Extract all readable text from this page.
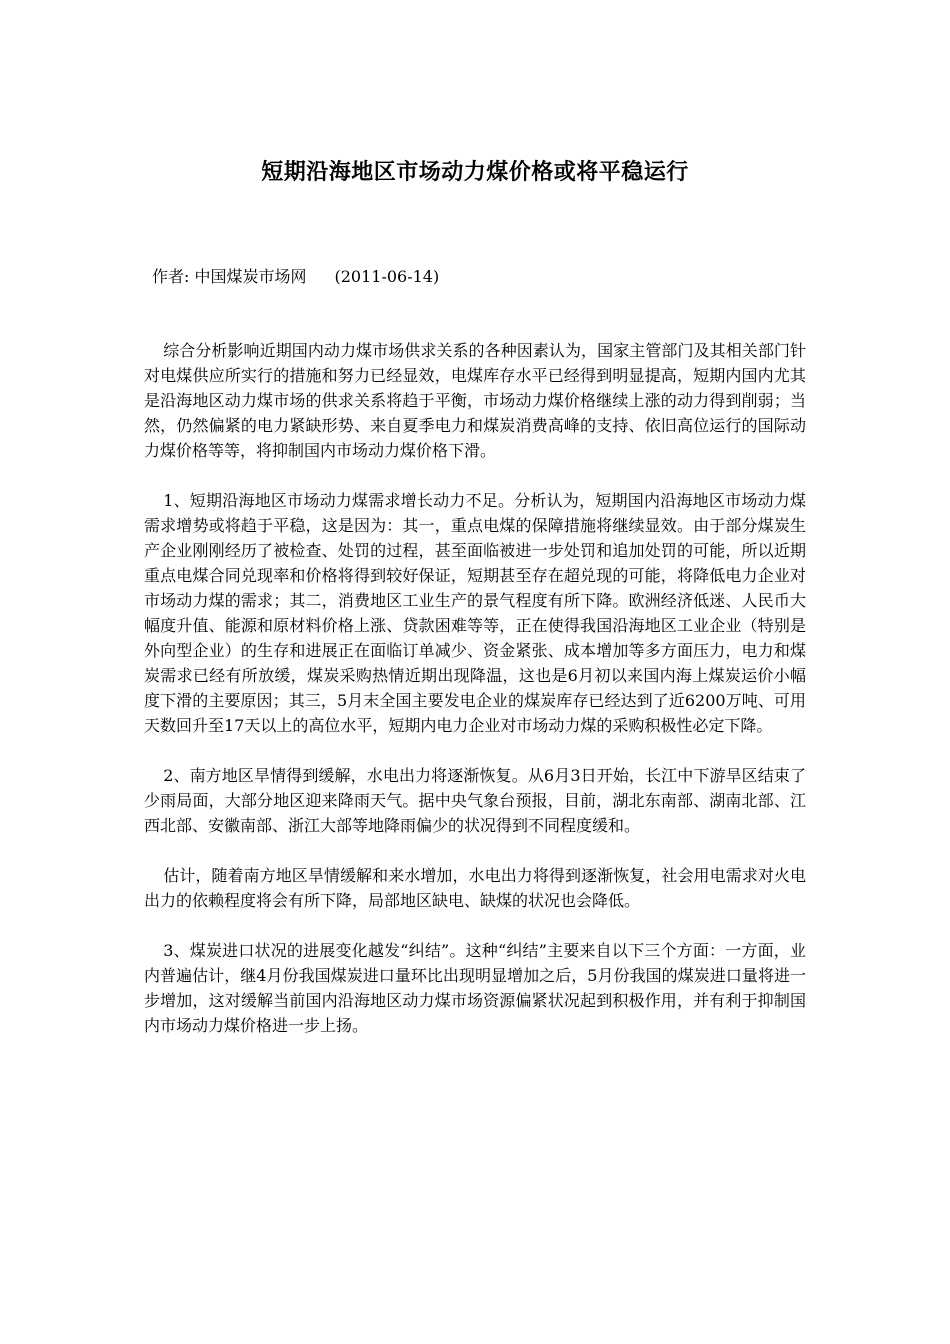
短期沿海地区市场动力煤价格或将平稳运行
作者: 中国煤炭市场网 (2011-06-14)

综合分析影响近期国内动力煤市场供求关系的各种因素认为，国家主管部门及其相关部门针对电煤供应所实行的措施和努力已经显效，电煤库存水平已经得到明显提高，短期内国内尤其是沿海地区动力煤市场的供求关系将趋于平衡，市场动力煤价格继续上涨的动力得到削弱；当然，仍然偏紧的电力紧缺形势、来自夏季电力和煤炭消费高峰的支持、依旧高位运行的国际动力煤价格等等，将抑制国内市场动力煤价格下滑。

1、短期沿海地区市场动力煤需求增长动力不足。分析认为，短期国内沿海地区市场动力煤需求增势或将趋于平稳，这是因为：其一，重点电煤的保障措施将继续显效。由于部分煤炭生产企业刚刚经历了被检查、处罚的过程，甚至面临被进一步处罚和追加处罚的可能，所以近期重点电煤合同兑现率和价格将得到较好保证，短期甚至存在超兑现的可能，将降低电力企业对市场动力煤的需求；其二，消费地区工业生产的景气程度有所下降。欧洲经济低迷、人民币大幅度升值、能源和原材料价格上涨、贷款困难等等，正在使得我国沿海地区工业企业（特别是外向型企业）的生存和进展正在面临订单减少、资金紧张、成本增加等多方面压力，电力和煤炭需求已经有所放缓，煤炭采购热情近期出现降温，这也是6月初以来国内海上煤炭运价小幅度下滑的主要原因；其三，5月末全国主要发电企业的煤炭库存已经达到了近6200万吨、可用天数回升至17天以上的高位水平，短期内电力企业对市场动力煤的采购积极性必定下降。

2、南方地区旱情得到缓解，水电出力将逐渐恢复。从6月3日开始，长江中下游旱区结束了少雨局面，大部分地区迎来降雨天气。据中央气象台预报，目前，湖北东南部、湖南北部、江西北部、安徽南部、浙江大部等地降雨偏少的状况得到不同程度缓和。

估计，随着南方地区旱情缓解和来水增加，水电出力将得到逐渐恢复，社会用电需求对火电出力的依赖程度将会有所下降，局部地区缺电、缺煤的状况也会降低。

3、煤炭进口状况的进展变化越发“纠结”。这种“纠结”主要来自以下三个方面：一方面，业内普遍估计，继4月份我国煤炭进口量环比出现明显增加之后，5月份我国的煤炭进口量将进一步增加，这对缓解当前国内沿海地区动力煤市场资源偏紧状况起到积极作用，并有利于抑制国内市场动力煤价格进一步上扬。
